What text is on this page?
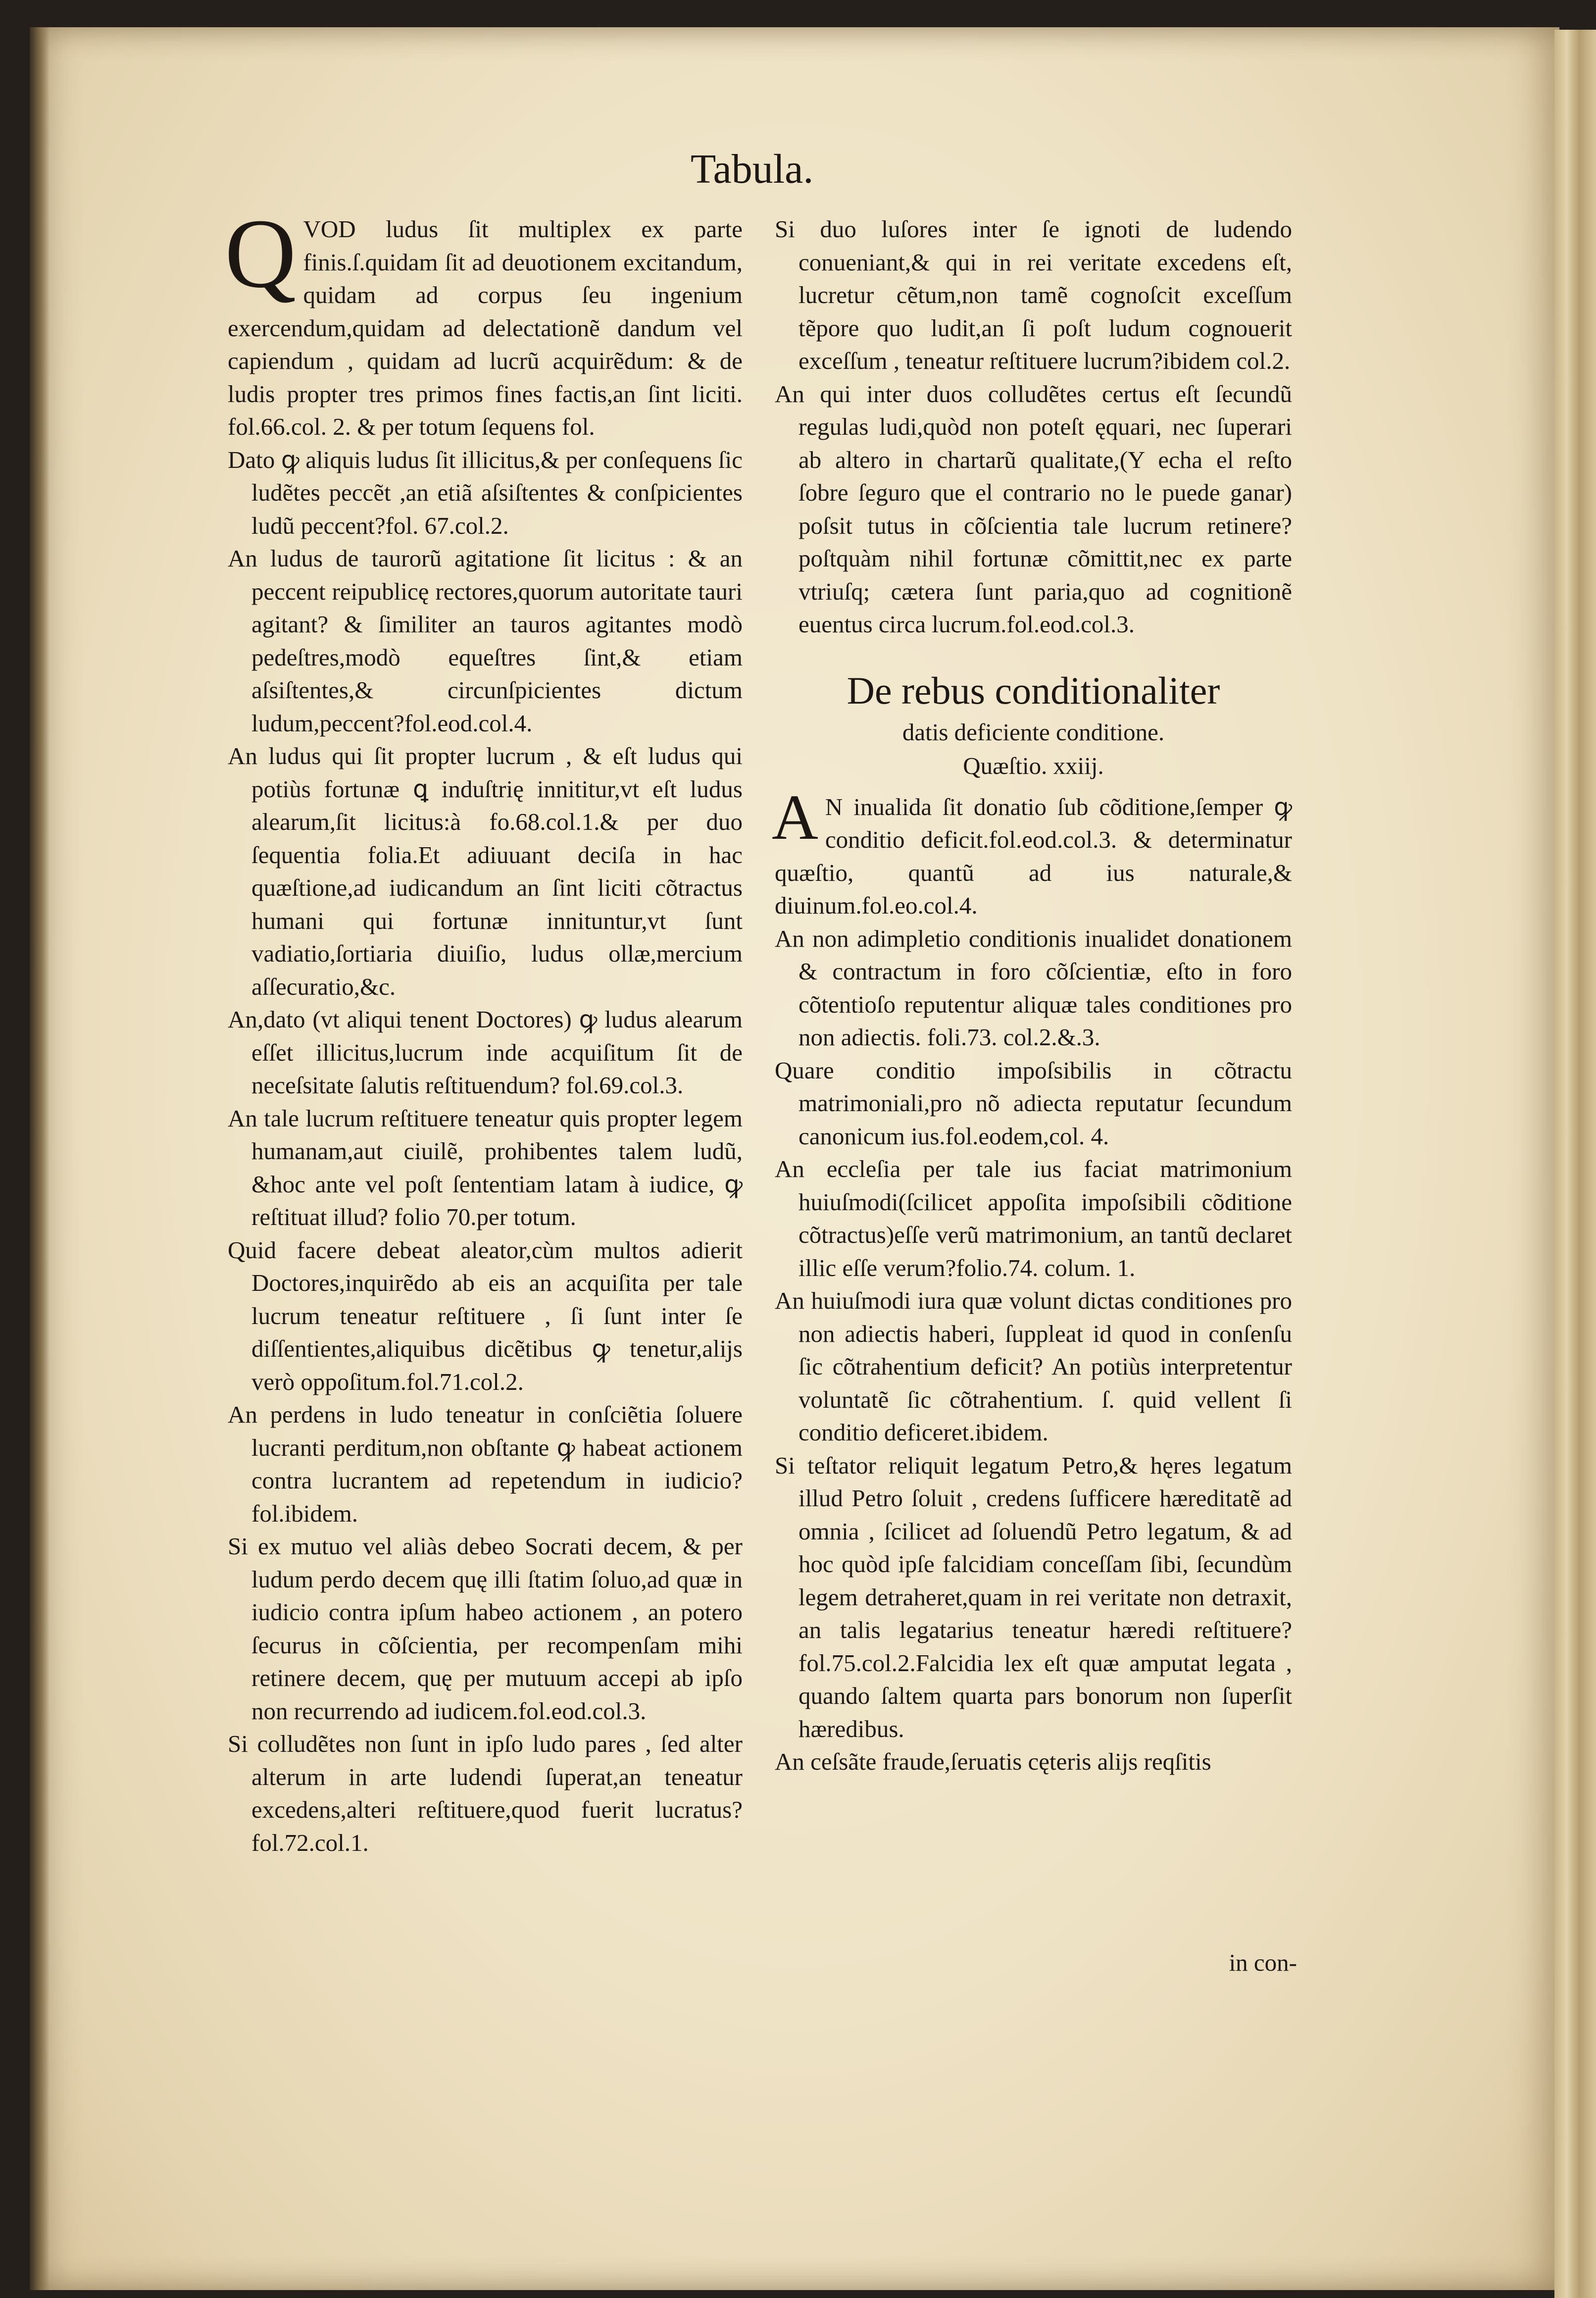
Tabula.
QVOD ludus ſit multiplex ex parte finis.ſ.quidam ſit ad deuotionem excitandum, quidam ad corpus ſeu ingenium exercendum,quidam ad delectationẽ dandum vel capiendum , quidam ad lucrũ acquirẽdum: & de ludis propter tres primos fines factis,an ſint liciti. fol.66.col. 2. & per totum ſequens fol.
Dato ꝙ aliquis ludus ſit illicitus,& per conſequens ſic ludẽtes peccẽt ,an etiã aſsiſtentes & conſpicientes ludũ peccent?fol. 67.col.2.
An ludus de taurorũ agitatione ſit licitus : & an peccent reipublicę rectores,quorum autoritate tauri agitant? & ſimiliter an tauros agitantes modò pedeſtres,modò equeſtres ſint,& etiam aſsiſtentes,& circunſpicientes dictum ludum,peccent?fol.eod.col.4.
An ludus qui ſit propter lucrum , & eſt ludus qui potiùs fortunæ ꝗ induſtrię innititur,vt eſt ludus alearum,ſit licitus:à fo.68.col.1.& per duo ſequentia folia.Et adiuuant deciſa in hac quæſtione,ad iudicandum an ſint liciti cõtractus humani qui fortunæ innituntur,vt ſunt vadiatio,ſortiaria diuiſio, ludus ollæ,mercium aſſecuratio,&c.
An,dato (vt aliqui tenent Doctores) ꝙ ludus alearum eſſet illicitus,lucrum inde acquiſitum ſit de neceſsitate ſalutis reſtituendum? fol.69.col.3.
An tale lucrum reſtituere teneatur quis propter legem humanam,aut ciuilẽ, prohibentes talem ludũ, &hoc ante vel poſt ſententiam latam à iudice, ꝙ reſtituat illud? folio 70.per totum.
Quid facere debeat aleator,cùm multos adierit Doctores,inquirẽdo ab eis an acquiſita per tale lucrum teneatur reſtituere , ſi ſunt inter ſe diſſentientes,aliquibus dicẽtibus ꝙ tenetur,alijs verò oppoſitum.fol.71.col.2.
An perdens in ludo teneatur in conſciẽtia ſoluere lucranti perditum,non obſtante ꝙ habeat actionem contra lucrantem ad repetendum in iudicio?fol.ibidem.
Si ex mutuo vel aliàs debeo Socrati decem, & per ludum perdo decem quę illi ſtatim ſoluo,ad quæ in iudicio contra ipſum habeo actionem , an potero ſecurus in cõſcientia, per recompenſam mihi retinere decem, quę per mutuum accepi ab ipſo non recurrendo ad iudicem.fol.eod.col.3.
Si colludẽtes non ſunt in ipſo ludo pares , ſed alter alterum in arte ludendi ſuperat,an teneatur excedens,alteri reſtituere,quod fuerit lucratus?fol.72.col.1.
Si duo luſores inter ſe ignoti de ludendo conueniant,& qui in rei veritate excedens eſt, lucretur cẽtum,non tamẽ cognoſcit exceſſum tẽpore quo ludit,an ſi poſt ludum cognouerit exceſſum , teneatur reſtituere lucrum?ibidem col.2.
An qui inter duos colludẽtes certus eſt ſecundũ regulas ludi,quòd non poteſt ęquari, nec ſuperari ab altero in chartarũ qualitate,(Y echa el reſto ſobre ſeguro que el contrario no le puede ganar) poſsit tutus in cõſcientia tale lucrum retinere? poſtquàm nihil fortunæ cõmittit,nec ex parte vtriuſq; cætera ſunt paria,quo ad cognitionẽ euentus circa lucrum.fol.eod.col.3.
De rebus conditionaliter
datis deficiente conditione.
Quæſtio. xxiij.
A N inualida ſit donatio ſub cõditione,ſemper ꝙ conditio deficit.fol.eod.col.3. & determinatur quæſtio, quantũ ad ius naturale,& diuinum.fol.eo.col.4.
An non adimpletio conditionis inualidet donationem & contractum in foro cõſcientiæ, eſto in foro cõtentioſo reputentur aliquæ tales conditiones pro non adiectis. foli.73. col.2.&.3.
Quare conditio impoſsibilis in cõtractu matrimoniali,pro nõ adiecta reputatur ſecundum canonicum ius.fol.eodem,col. 4.
An eccleſia per tale ius faciat matrimonium huiuſmodi(ſcilicet appoſita impoſsibili cõditione cõtractus)eſſe verũ matrimonium, an tantũ declaret illic eſſe verum?folio.74. colum. 1.
An huiuſmodi iura quæ volunt dictas conditiones pro non adiectis haberi, ſuppleat id quod in conſenſu ſic cõtrahentium deficit? An potiùs interpretentur voluntatẽ ſic cõtrahentium. ſ. quid vellent ſi conditio deficeret.ibidem.
Si teſtator reliquit legatum Petro,& hęres legatum illud Petro ſoluit , credens ſufficere hæreditatẽ ad omnia , ſcilicet ad ſoluendũ Petro legatum, & ad hoc quòd ipſe falcidiam conceſſam ſibi, ſecundùm legem detraheret,quam in rei veritate non detraxit, an talis legatarius teneatur hæredi reſtituere?fol.75.col.2.Falcidia lex eſt quæ amputat legata , quando ſaltem quarta pars bonorum non ſuperſit hæredibus.
An ceſsãte fraude,ſeruatis cęteris alijs reqſitis
in con-
